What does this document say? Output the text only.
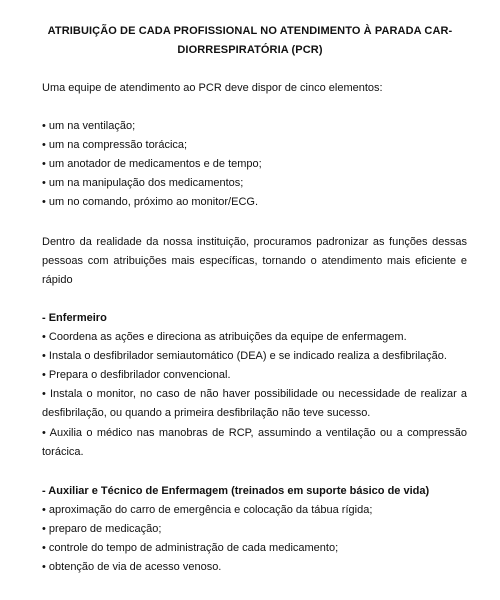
ATRIBUIÇÃO DE CADA PROFISSIONAL NO ATENDIMENTO À PARADA CAR-
DIORRESPIRATÓRIA (PCR)
Uma equipe de atendimento ao PCR deve dispor de cinco elementos:
• um na ventilação;
• um na compressão torácica;
• um anotador de medicamentos e de tempo;
• um na manipulação dos medicamentos;
• um no comando, próximo ao monitor/ECG.
Dentro da realidade da nossa instituição, procuramos padronizar as funções dessas
pessoas com atribuições mais específicas, tornando o atendimento mais eficiente e
rápido
- Enfermeiro
• Coordena as ações e direciona as atribuições da equipe de enfermagem.
• Instala o desfibrilador semiautomático (DEA) e se indicado realiza a desfibrilação.
• Prepara o desfibrilador convencional.
• Instala o monitor, no caso de não haver possibilidade ou necessidade de realizar a
desfibrilação, ou quando a primeira desfibrilação não teve sucesso.
• Auxilia o médico nas manobras de RCP, assumindo a ventilação ou a compressão
torácica.
- Auxiliar e Técnico de Enfermagem (treinados em suporte básico de vida)
• aproximação do carro de emergência e colocação da tábua rígida;
• preparo de medicação;
• controle do tempo de administração de cada medicamento;
• obtenção de via de acesso venoso.
